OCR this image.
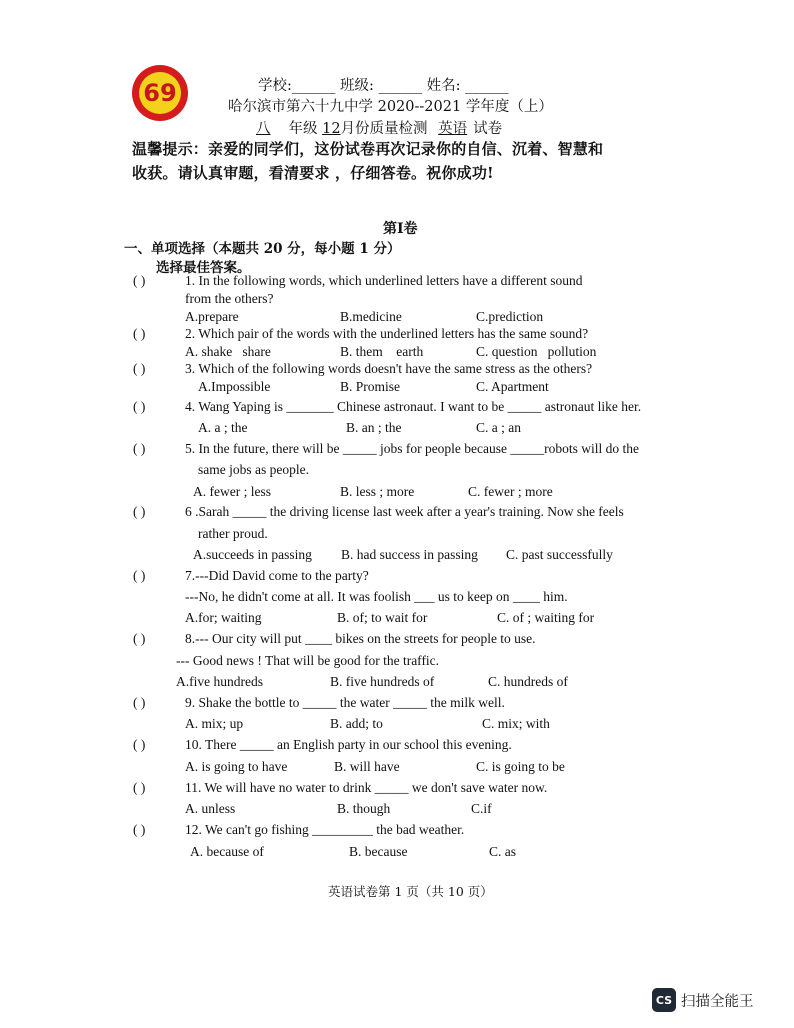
69	学校:______ 班级: ______ 姓名: ______
哈尔滨市第六十九中学 2020--2021 学年度（上）
八 年级 12月份质量检测 英语 试卷
温馨提示：亲爱的同学们，这份试卷再次记录你的自信、沉着、智慧和
收获。请认真审题，看清要求 ，仔细答卷。祝你成功!
第I卷
一、单项选择（本题共 20 分，每小题 1 分）
选择最佳答案。
( )	1. In the following words, which underlined letters have a different sound
from the others?
A.prepare	B.medicine	C.prediction
( )	2. Which pair of the words with the underlined letters has the same sound?
A. shake share	B. them earth	C. question pollution
( )	3. Which of the following words doesn't have the same stress as the others?
A.Impossible	B. Promise	C. Apartment
( )	4. Wang Yaping is _______ Chinese astronaut. I want to be _____ astronaut like her.
A. a ; the	B. an ; the	C. a ; an
( )	5. In the future, there will be _____ jobs for people because _____robots will do the
same jobs as people.
A. fewer ; less	B. less ; more	C. fewer ; more
( )	6 .Sarah _____ the driving license last week after a year's training. Now she feels
rather proud.
A.succeeds in passing B. had success in passing C. past successfully
( )	7.---Did David come to the party?
---No, he didn't come at all. It was foolish ___ us to keep on ____ him.
A.for; waiting	B. of; to wait for	C. of ; waiting for
( )	8.--- Our city will put ____ bikes on the streets for people to use.
--- Good news ! That will be good for the traffic.
A.five hundreds	B. five hundreds of	C. hundreds of
( )	9. Shake the bottle to _____ the water _____ the milk well.
A. mix; up	B. add; to	C. mix; with
( )	10. There _____ an English party in our school this evening.
A. is going to have	B. will have	C. is going to be
( )	11. We will have no water to drink _____ we don't save water now.
A. unless	B. though	C.if
( )	12. We can't go fishing _________ the bad weather.
A. because of	B. because	C. as
英语试卷第 1 页（共 10 页）
CS 扫描全能王
